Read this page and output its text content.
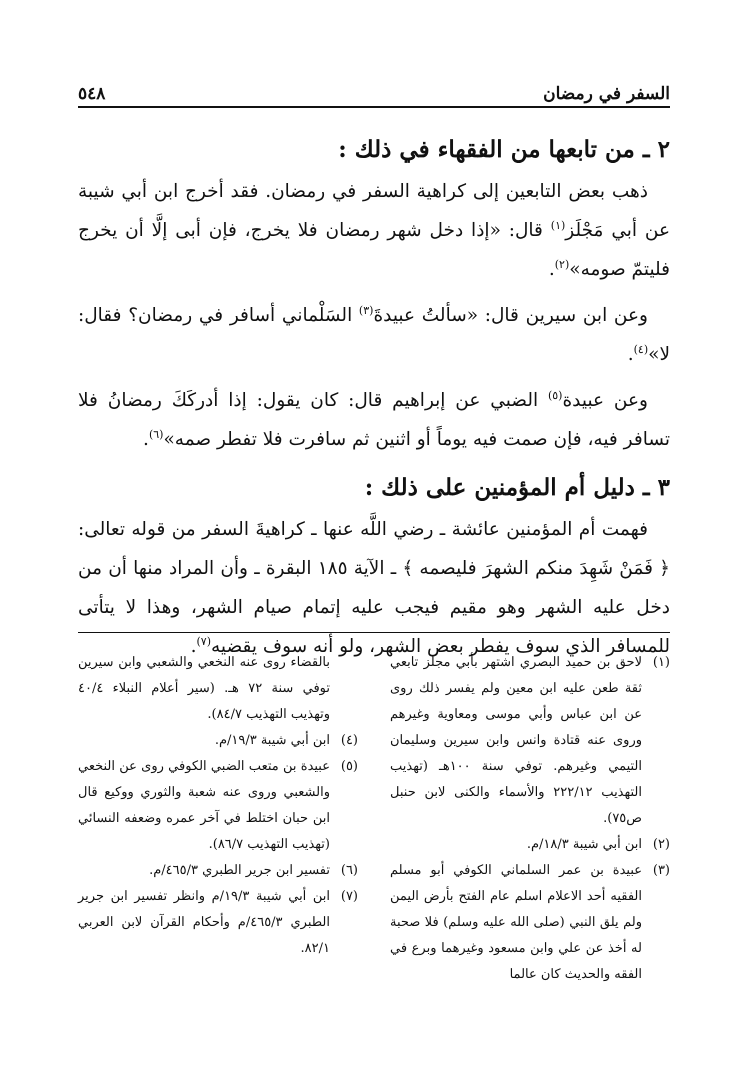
السفر في رمضان
٥٤٨
٢ ـ من تابعها من الفقهاء في ذلك :

ذهب بعض التابعين إلى كراهية السفر في رمضان. فقد أخرج ابن أبي شيبة عن أبي مَجْلَز$^{(١)}$ قال: «إذا دخل شهر رمضان فلا يخرج، فإن أبى إلَّا أن يخرج فليتمّ صومه»$^{(٢)}$.

وعن ابن سيرين قال: «سألتُ عبيدةَ$^{(٣)}$ السَلْماني أسافر في رمضان؟ فقال: لا»$^{(٤)}$.

وعن عبيدة$^{(٥)}$ الضبي عن إبراهيم قال: كان يقول: إذا أدركَكَ رمضانُ فلا تسافر فيه، فإن صمت فيه يوماً أو اثنين ثم سافرت فلا تفطر صمه»$^{(٦)}$.

٣ ـ دليل أم المؤمنين على ذلك :

فهمت أم المؤمنين عائشة ـ رضي اللَّه عنها ـ كراهيةَ السفر من قوله تعالى: ﴿ فَمَنْ شَهِدَ منكم الشهرَ فليصمه ﴾ ـ الآية ١٨٥ البقرة ـ وأن المراد منها أن من دخل عليه الشهر وهو مقيم فيجب عليه إتمام صيام الشهر، وهذا لا يتأتى للمسافر الذي سوف يفطر بعض الشهر، ولو أنه سوف يقضيه$^{(٧)}$.

(١)
لاحق بن حميد البصري اشتهر بأبي مجلز تابعي ثقة طعن عليه ابن معين ولم يفسر ذلك روى عن ابن عباس وأبي موسى ومعاوية وغيرهم وروى عنه قتادة وانس وابن سيرين وسليمان التيمي وغيرهم. توفي سنة ١٠٠هـ (تهذيب التهذيب ٢٢٢/١٢ والأسماء والكنى لابن حنبل ص٧٥).
(٢)
ابن أبي شيبة ١٨/٣/م.
(٣)
عبيدة بن عمر السلماني الكوفي أبو مسلم الفقيه أحد الاعلام اسلم عام الفتح بأرض اليمن ولم يلق النبي (صلى الله عليه وسلم) فلا صحبة له أخذ عن علي وابن مسعود وغيرهما وبرع في الفقه والحديث كان عالما
بالقضاء روى عنه النخعي والشعبي وابن سيرين توفي سنة ٧٢ هـ. (سير أعلام النبلاء ٤٠/٤ وتهذيب التهذيب ٨٤/٧).
(٤)
ابن أبي شيبة ١٩/٣/م.
(٥)
عبيدة بن متعب الضبي الكوفي روى عن النخعي والشعبي وروى عنه شعبة والثوري ووكيع قال ابن حبان اختلط في آخر عمره وضعفه النسائي (تهذيب التهذيب ٨٦/٧).
(٦)
تفسير ابن جرير الطبري ٤٦٥/٣/م.
(٧)
ابن أبي شيبة ١٩/٣/م وانظر تفسير ابن جرير الطبري ٤٦٥/٣/م وأحكام القرآن لابن العربي ٨٢/١.
